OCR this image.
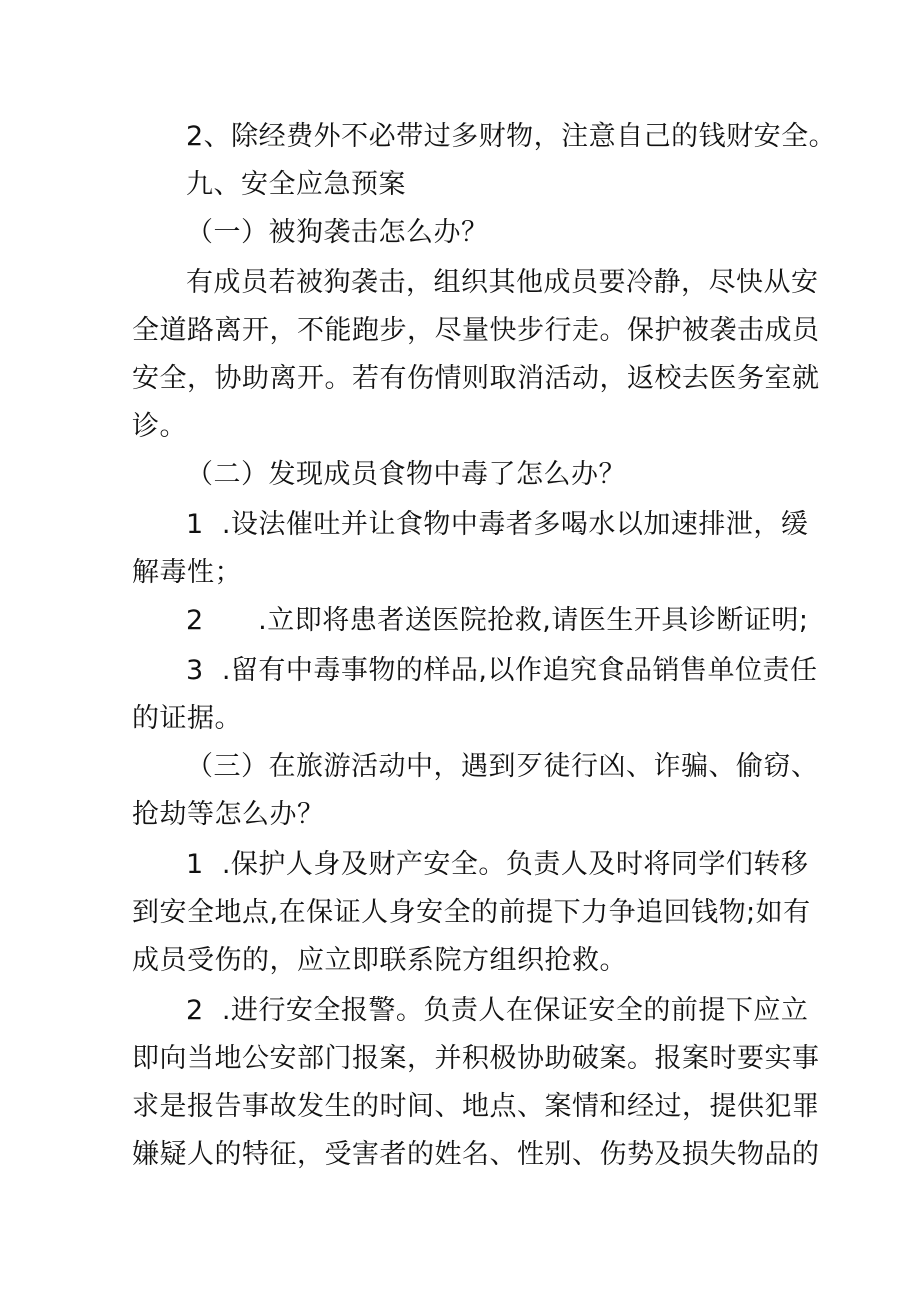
2、除经费外不必带过多财物，注意自己的钱财安全。
九、安全应急预案
（一）被狗袭击怎么办？
有成员若被狗袭击，组织其他成员要冷静，尽快从安
全道路离开，不能跑步，尽量快步行走。保护被袭击成员
安全，协助离开。若有伤情则取消活动，返校去医务室就
诊。
（二）发现成员食物中毒了怎么办？
1  .设法催吐并让食物中毒者多喝水以加速排泄，缓
解毒性；
2      .立即将患者送医院抢救,请医生开具诊断证明;
3  .留有中毒事物的样品,以作追究食品销售单位责任
的证据。
（三）在旅游活动中，遇到歹徒行凶、诈骗、偷窃、
抢劫等怎么办？
1  .保护人身及财产安全。负责人及时将同学们转移
到安全地点,在保证人身安全的前提下力争追回钱物;如有
成员受伤的，应立即联系院方组织抢救。
2  .进行安全报警。负责人在保证安全的前提下应立
即向当地公安部门报案，并积极协助破案。报案时要实事
求是报告事故发生的时间、地点、案情和经过，提供犯罪
嫌疑人的特征，受害者的姓名、性别、伤势及损失物品的
